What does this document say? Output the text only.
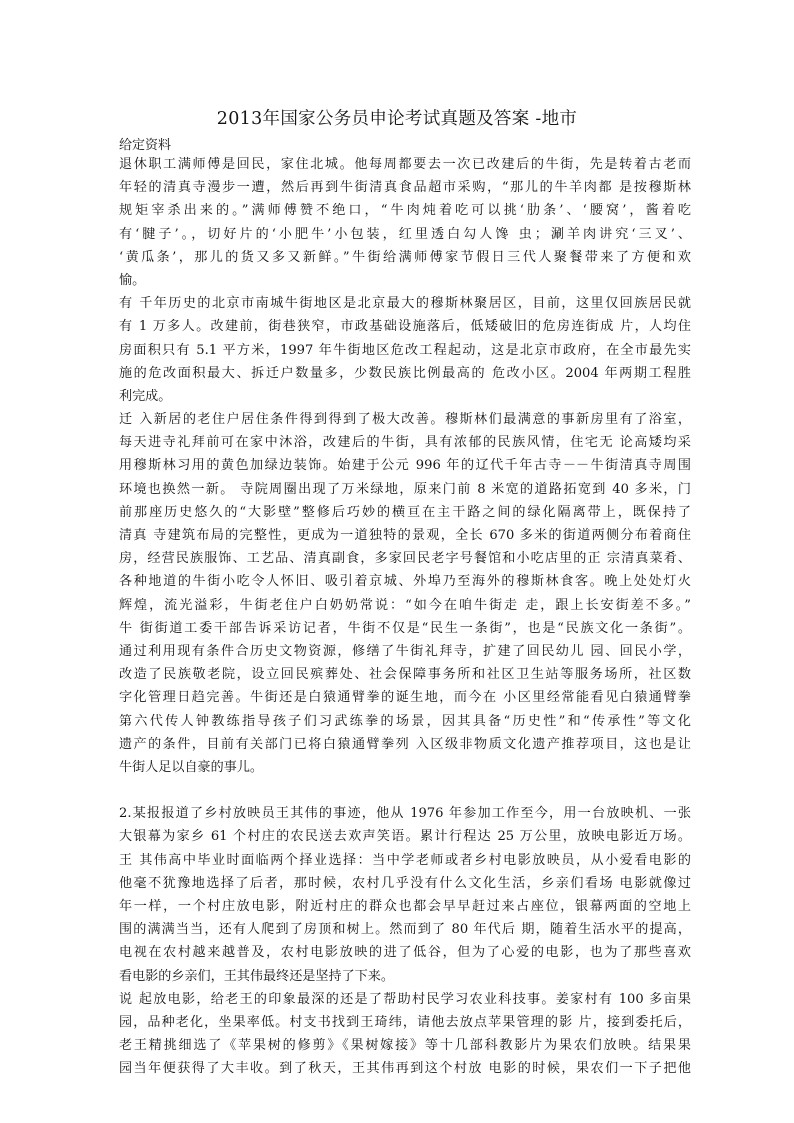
2013年国家公务员申论考试真题及答案 -地市
给定资料
退休职工满师傅是回民，家住北城。他每周都要去一次已改建后的牛街，先是转着古老而
年轻的清真寺漫步一遭，然后再到牛街清真食品超市采购，“那儿的牛羊肉都 是按穆斯林
规矩宰杀出来的。”满师傅赞不绝口，“牛肉炖着吃可以挑‘肋条’、‘腰窝’，酱着吃
有‘腱子’。，切好片的‘小肥牛’小包装，红里透白勾人馋 虫；涮羊肉讲究‘三叉’、
‘黄瓜条’，那儿的货又多又新鲜。”牛街给满师傅家节假日三代人聚餐带来了方便和欢
愉。
有 千年历史的北京市南城牛街地区是北京最大的穆斯林聚居区，目前，这里仅回族居民就
有 1 万多人。改建前，街巷狭窄，市政基础设施落后，低矮破旧的危房连街成 片，人均住
房面积只有 5.1 平方米，1997 年牛街地区危改工程起动，这是北京市政府，在全市最先实
施的危改面积最大、拆迁户数量多，少数民族比例最高的 危改小区。2004 年两期工程胜
利完成。
迁 入新居的老住户居住条件得到得到了极大改善。穆斯林们最满意的事新房里有了浴室，
每天进寺礼拜前可在家中沐浴，改建后的牛街，具有浓郁的民族风情，住宅无 论高矮均采
用穆斯林习用的黄色加绿边装饰。始建于公元 996 年的辽代千年古寺－－牛街清真寺周围
环境也换然一新。 寺院周圈出现了万米绿地，原来门前 8 米宽的道路拓宽到 40 多米，门
前那座历史悠久的“大影壁”整修后巧妙的横亘在主干路之间的绿化隔离带上，既保持了
清真 寺建筑布局的完整性，更成为一道独特的景观，全长 670 多米的街道两侧分布着商住
房，经营民族服饰、工艺品、清真副食，多家回民老字号餐馆和小吃店里的正 宗清真菜肴、
各种地道的牛街小吃令人怀旧、吸引着京城、外埠乃至海外的穆斯林食客。晚上处处灯火
辉煌，流光溢彩，牛街老住户白奶奶常说：“如今在咱牛街走 走，跟上长安街差不多。”
牛 街街道工委干部告诉采访记者，牛街不仅是“民生一条街”，也是“民族文化一条街”。
通过利用现有条件合历史文物资源，修缮了牛街礼拜寺，扩建了回民幼儿 园、回民小学，
改造了民族敬老院，设立回民殡葬处、社会保障事务所和社区卫生站等服务场所，社区数
字化管理日趋完善。牛街还是白猿通臂拳的诞生地，而今在 小区里经常能看见白猿通臂拳
第六代传人钟教练指导孩子们习武练拳的场景，因其具备“历史性”和“传承性”等文化
遗产的条件，目前有关部门已将白猿通臂拳列 入区级非物质文化遗产推荐项目，这也是让
牛街人足以自豪的事儿。
2.某报报道了乡村放映员王其伟的事迹，他从 1976 年参加工作至今，用一台放映机、一张
大银幕为家乡 61 个村庄的农民送去欢声笑语。累计行程达 25 万公里，放映电影近万场。
王 其伟高中毕业时面临两个择业选择：当中学老师或者乡村电影放映员，从小爱看电影的
他毫不犹豫地选择了后者，那时候，农村几乎没有什么文化生活，乡亲们看场 电影就像过
年一样，一个村庄放电影，附近村庄的群众也都会早早赶过来占座位，银幕两面的空地上
围的满满当当，还有人爬到了房顶和树上。然而到了 80 年代后 期，随着生活水平的提高，
电视在农村越来越普及，农村电影放映的进了低谷，但为了心爱的电影，也为了那些喜欢
看电影的乡亲们，王其伟最终还是坚持了下来。
说 起放电影，给老王的印象最深的还是了帮助村民学习农业科技事。姜家村有 100 多亩果
园，品种老化，坐果率低。村支书找到王琦纬，请他去放点苹果管理的影 片，接到委托后，
老王精挑细选了《苹果树的修剪》《果树嫁接》等十几部科教影片为果农们放映。结果果
园当年便获得了大丰收。到了秋天，王其伟再到这个村放 电影的时候，果农们一下子把他
